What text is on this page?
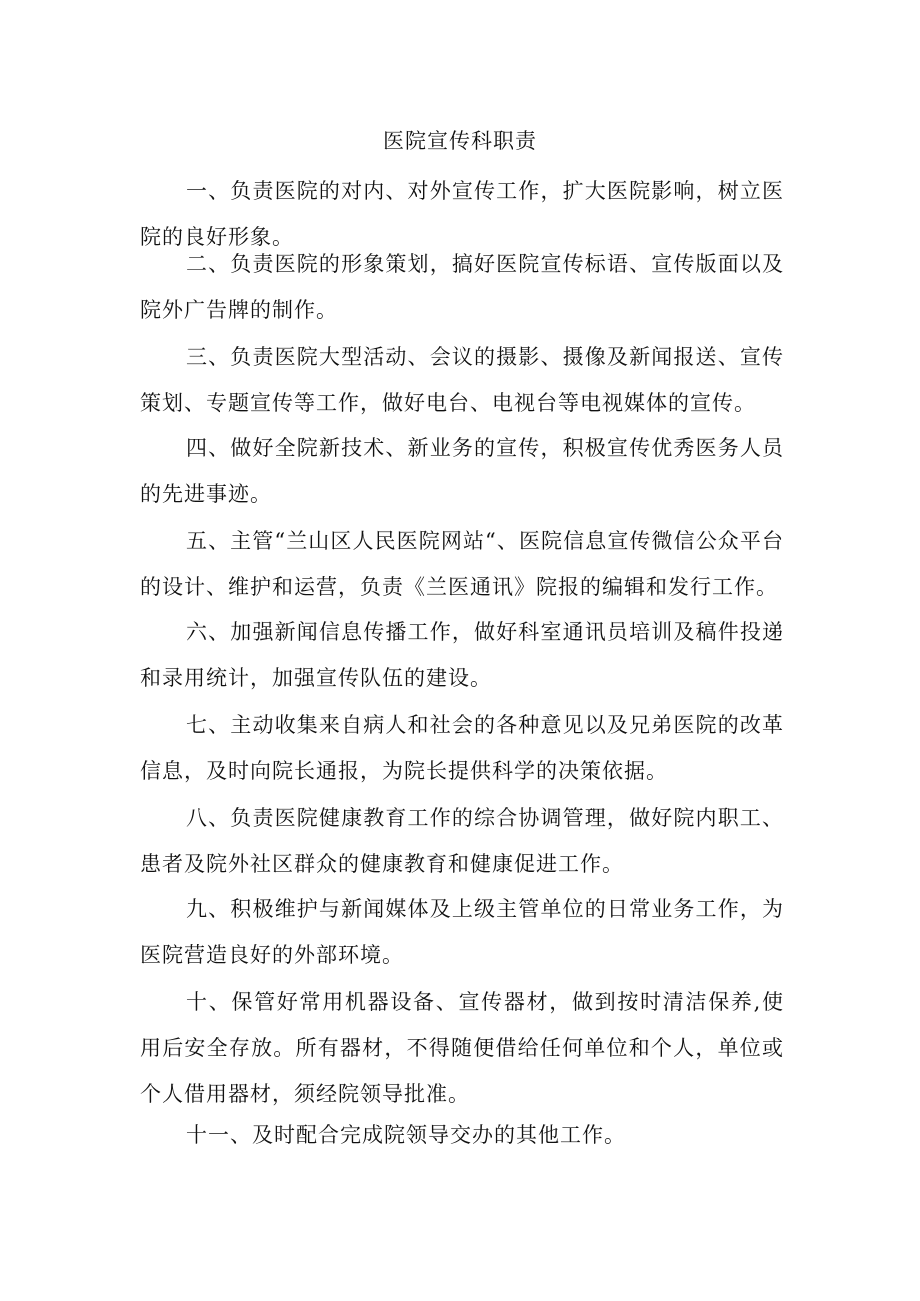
医院宣传科职责

一、负责医院的对内、对外宣传工作，扩大医院影响，树立医院的良好形象。

二、负责医院的形象策划，搞好医院宣传标语、宣传版面以及院外广告牌的制作。

三、负责医院大型活动、会议的摄影、摄像及新闻报送、宣传策划、专题宣传等工作，做好电台、电视台等电视媒体的宣传。

四、做好全院新技术、新业务的宣传，积极宣传优秀医务人员的先进事迹。

五、主管“兰山区人民医院网站“、医院信息宣传微信公众平台的设计、维护和运营，负责《兰医通讯》院报的编辑和发行工作。

六、加强新闻信息传播工作，做好科室通讯员培训及稿件投递和录用统计，加强宣传队伍的建设。

七、主动收集来自病人和社会的各种意见以及兄弟医院的改革信息，及时向院长通报，为院长提供科学的决策依据。

八、负责医院健康教育工作的综合协调管理，做好院内职工、患者及院外社区群众的健康教育和健康促进工作。

九、积极维护与新闻媒体及上级主管单位的日常业务工作，为医院营造良好的外部环境。

十、保管好常用机器设备、宣传器材，做到按时清洁保养,使用后安全存放。所有器材，不得随便借给任何单位和个人，单位或个人借用器材，须经院领导批准。

十一、及时配合完成院领导交办的其他工作。
